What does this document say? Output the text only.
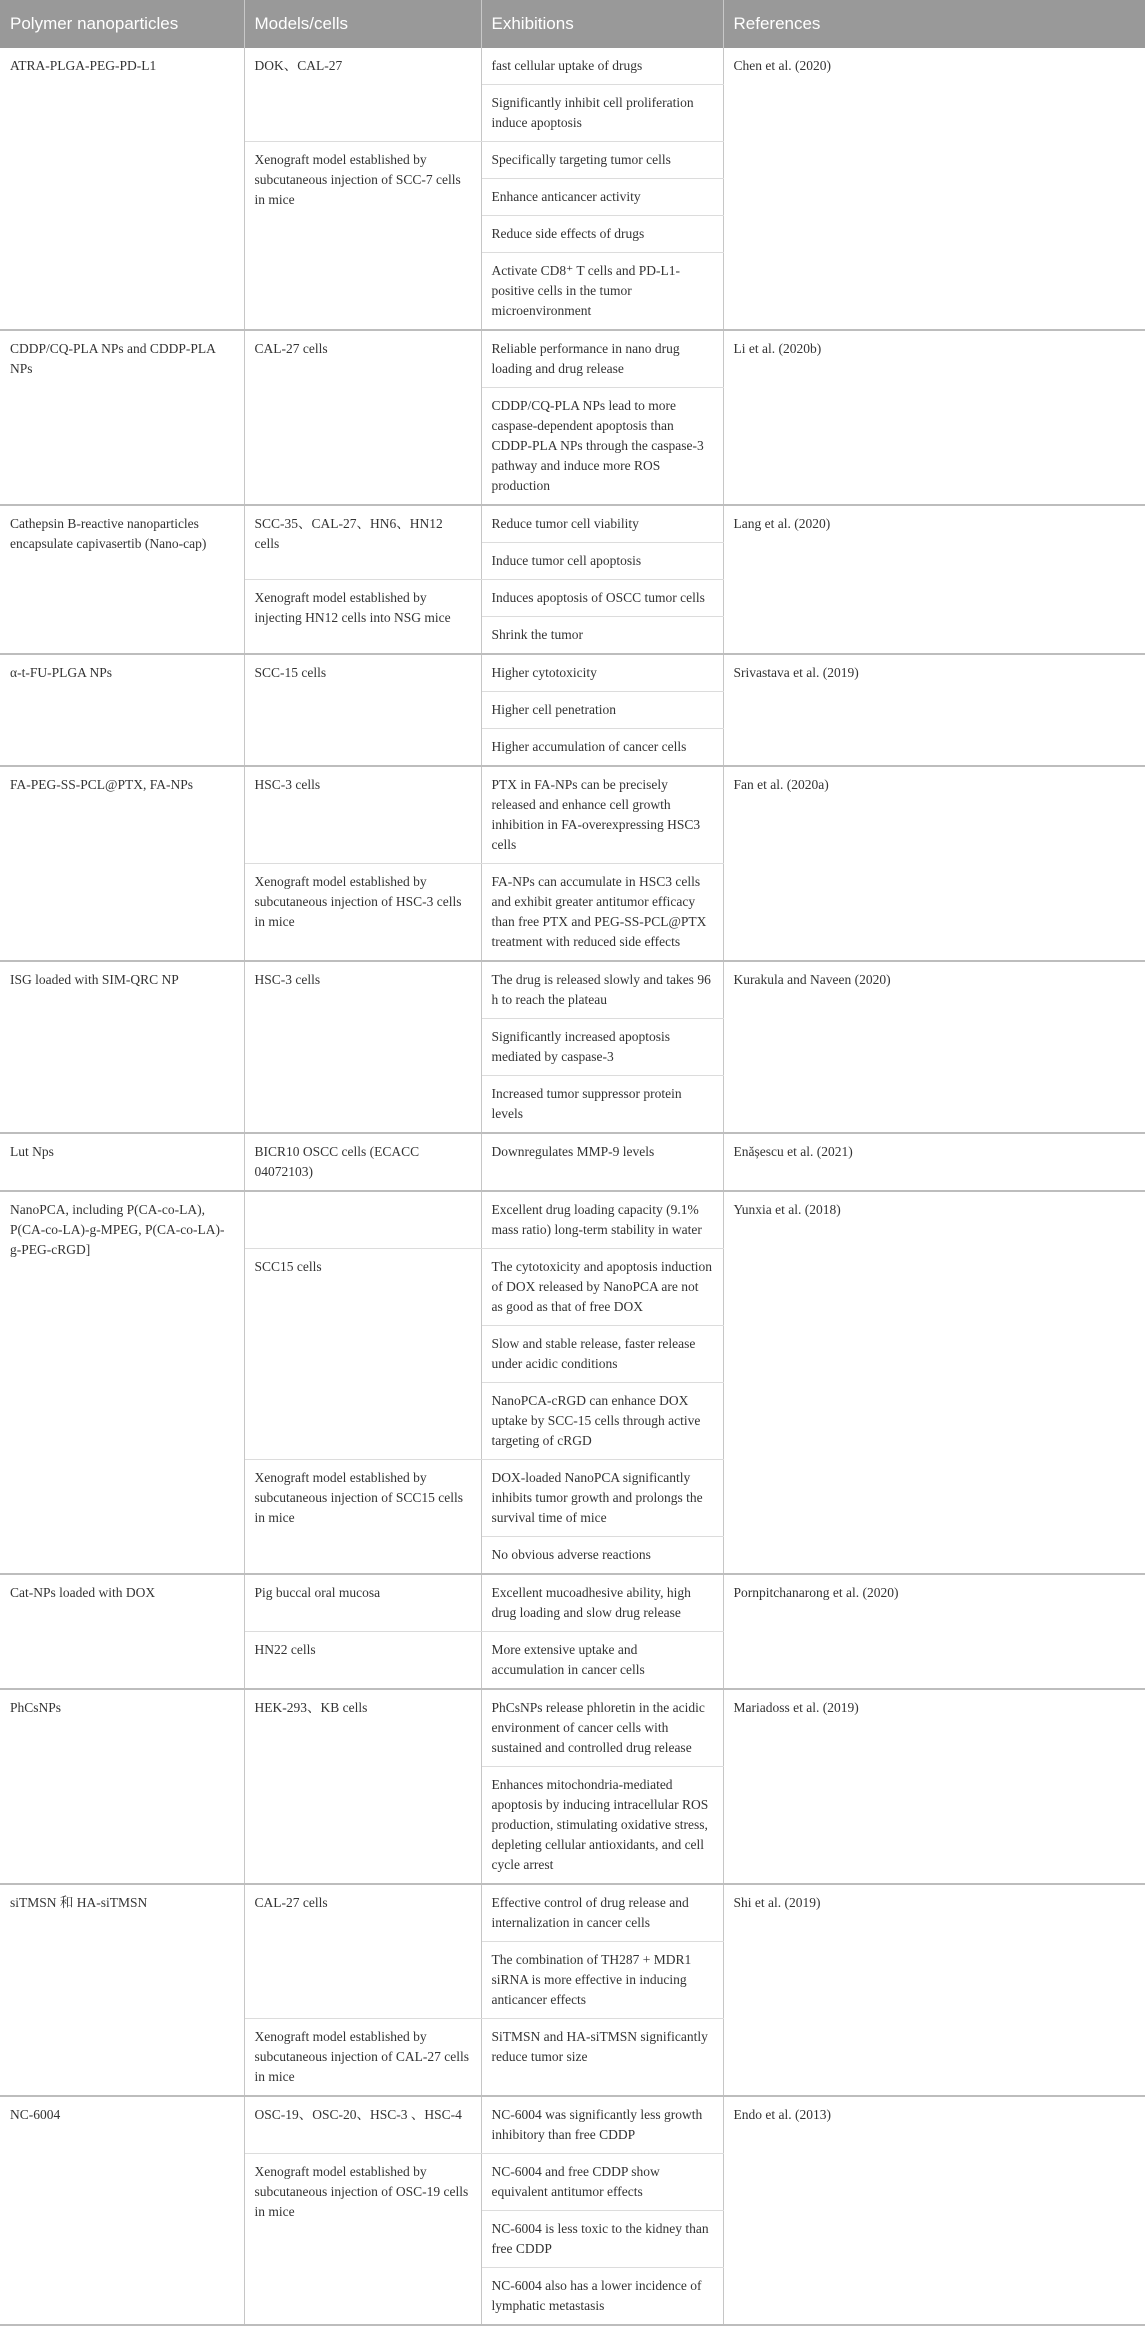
Polymer nanoparticles	Models/cells	Exhibitions	References
ATRA-PLGA-PEG-PD-L1	DOK、CAL-27	fast cellular uptake of drugs	Chen et al. (2020)
		Significantly inhibit cell proliferation induce apoptosis	
	Xenograft model established by subcutaneous injection of SCC-7 cells in mice	Specifically targeting tumor cells	
		Enhance anticancer activity	
		Reduce side effects of drugs	
		Activate CD8⁺ T cells and PD-L1-positive cells in the tumor microenvironment	
CDDP/CQ-PLA NPs and CDDP-PLA NPs	CAL-27 cells	Reliable performance in nano drug loading and drug release	Li et al. (2020b)
		CDDP/CQ-PLA NPs lead to more caspase-dependent apoptosis than CDDP-PLA NPs through the caspase-3 pathway and induce more ROS production	
Cathepsin B-reactive nanoparticles encapsulate capivasertib (Nano-cap)	SCC-35、CAL-27、HN6、HN12 cells	Reduce tumor cell viability	Lang et al. (2020)
		Induce tumor cell apoptosis	
	Xenograft model established by injecting HN12 cells into NSG mice	Induces apoptosis of OSCC tumor cells	
		Shrink the tumor	
α-t-FU-PLGA NPs	SCC-15 cells	Higher cytotoxicity	Srivastava et al. (2019)
		Higher cell penetration	
		Higher accumulation of cancer cells	
FA-PEG-SS-PCL@PTX, FA-NPs	HSC-3 cells	PTX in FA-NPs can be precisely released and enhance cell growth inhibition in FA-overexpressing HSC3 cells	Fan et al. (2020a)
	Xenograft model established by subcutaneous injection of HSC-3 cells in mice	FA-NPs can accumulate in HSC3 cells and exhibit greater antitumor efficacy than free PTX and PEG-SS-PCL@PTX treatment with reduced side effects	
ISG loaded with SIM-QRC NP	HSC-3 cells	The drug is released slowly and takes 96 h to reach the plateau	Kurakula and Naveen (2020)
		Significantly increased apoptosis mediated by caspase-3	
		Increased tumor suppressor protein levels	
Lut Nps	BICR10 OSCC cells (ECACC 04072103)	Downregulates MMP-9 levels	Enășescu et al. (2021)
NanoPCA, including P(CA-co-LA), P(CA-co-LA)-g-MPEG, P(CA-co-LA)-g-PEG-cRGD]		Excellent drug loading capacity (9.1% mass ratio) long-term stability in water	Yunxia et al. (2018)
	SCC15 cells	The cytotoxicity and apoptosis induction of DOX released by NanoPCA are not as good as that of free DOX	
		Slow and stable release, faster release under acidic conditions	
		NanoPCA-cRGD can enhance DOX uptake by SCC-15 cells through active targeting of cRGD	
	Xenograft model established by subcutaneous injection of SCC15 cells in mice	DOX-loaded NanoPCA significantly inhibits tumor growth and prolongs the survival time of mice	
		No obvious adverse reactions	
Cat-NPs loaded with DOX	Pig buccal oral mucosa	Excellent mucoadhesive ability, high drug loading and slow drug release	Pornpitchanarong et al. (2020)
	HN22 cells	More extensive uptake and accumulation in cancer cells	
PhCsNPs	HEK-293、KB cells	PhCsNPs release phloretin in the acidic environment of cancer cells with sustained and controlled drug release	Mariadoss et al. (2019)
		Enhances mitochondria-mediated apoptosis by inducing intracellular ROS production, stimulating oxidative stress, depleting cellular antioxidants, and cell cycle arrest	
siTMSN 和 HA-siTMSN	CAL-27 cells	Effective control of drug release and internalization in cancer cells	Shi et al. (2019)
		The combination of TH287 + MDR1 siRNA is more effective in inducing anticancer effects	
	Xenograft model established by subcutaneous injection of CAL-27 cells in mice	SiTMSN and HA-siTMSN significantly reduce tumor size	
NC-6004	OSC-19、OSC-20、HSC-3 、HSC-4	NC-6004 was significantly less growth inhibitory than free CDDP	Endo et al. (2013)
	Xenograft model established by subcutaneous injection of OSC-19 cells in mice	NC-6004 and free CDDP show equivalent antitumor effects	
		NC-6004 is less toxic to the kidney than free CDDP	
		NC-6004 also has a lower incidence of lymphatic metastasis	
